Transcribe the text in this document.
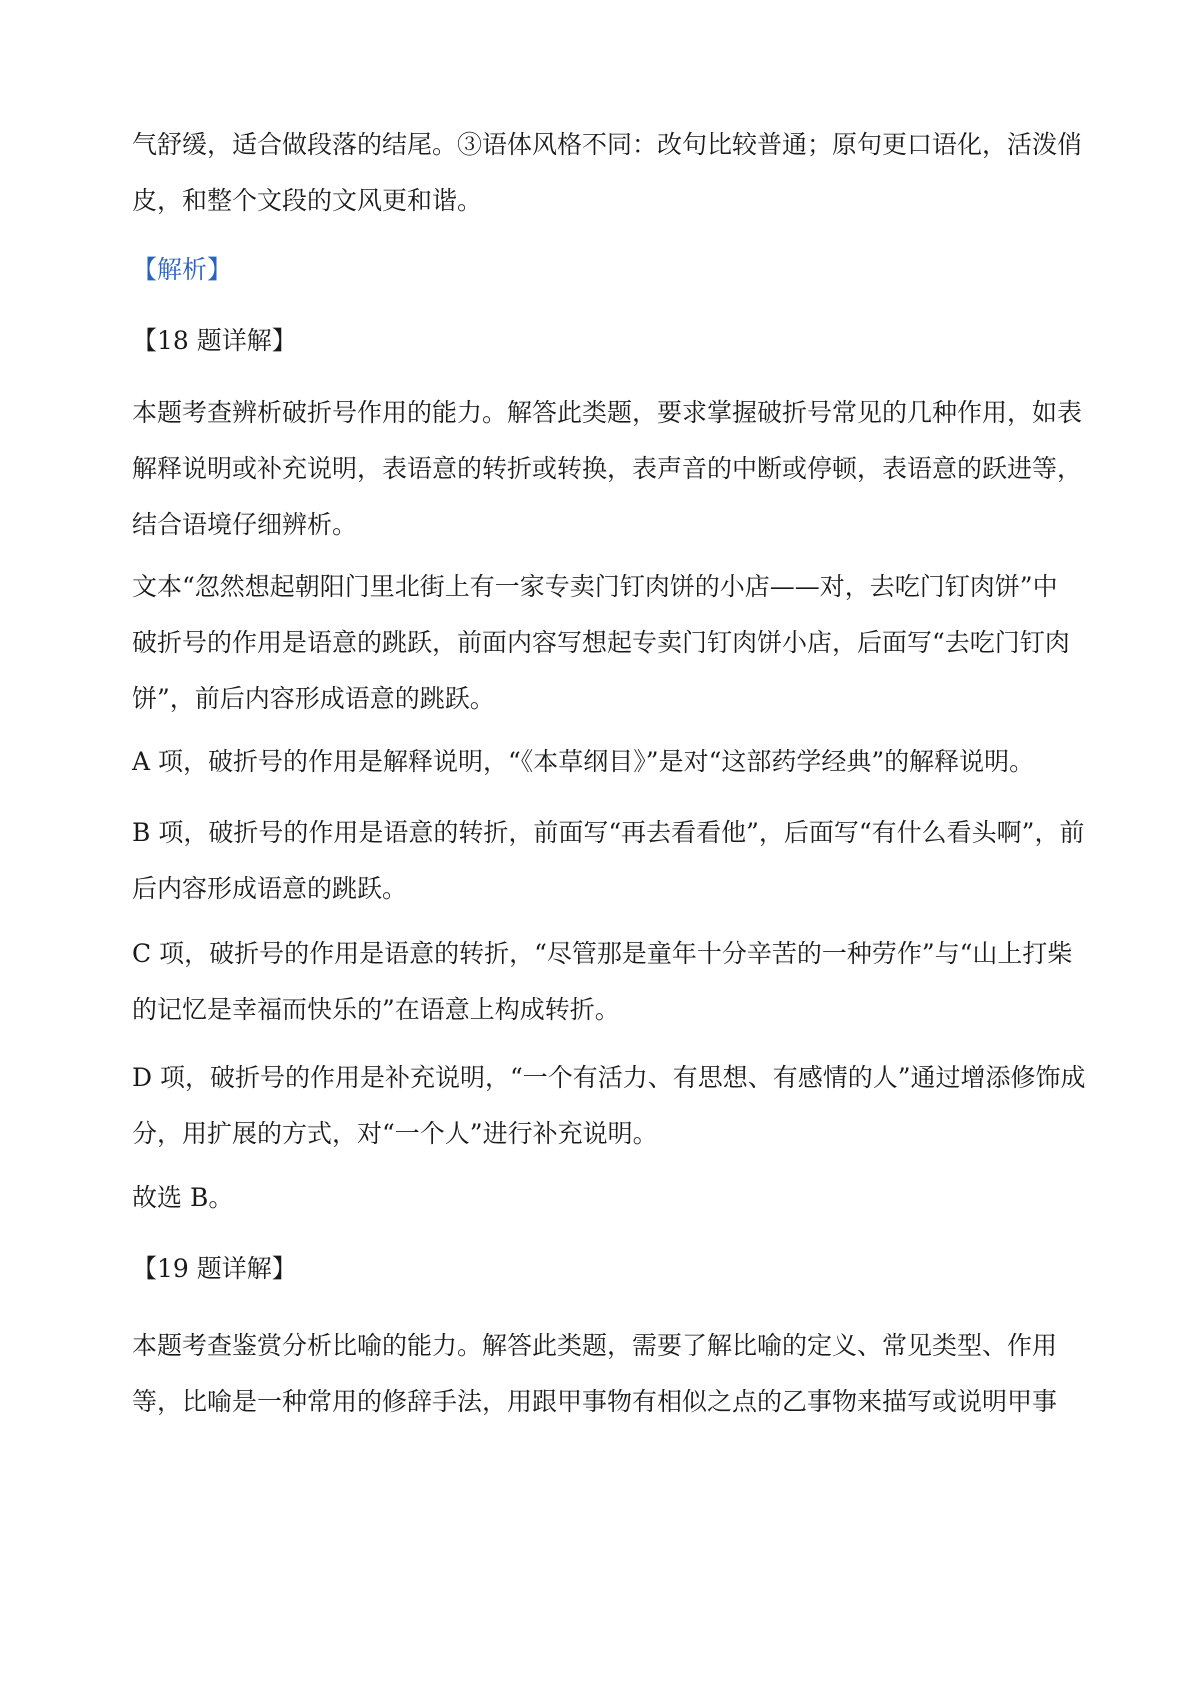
气舒缓，适合做段落的结尾。③语体风格不同：改句比较普通；原句更口语化，活泼俏
皮，和整个文段的文风更和谐。
【解析】
【18 题详解】
本题考查辨析破折号作用的能力。解答此类题，要求掌握破折号常见的几种作用，如表
解释说明或补充说明，表语意的转折或转换，表声音的中断或停顿，表语意的跃进等，
结合语境仔细辨析。
文本“忽然想起朝阳门里北街上有一家专卖门钉肉饼的小店——对，去吃门钉肉饼”中
破折号的作用是语意的跳跃，前面内容写想起专卖门钉肉饼小店，后面写“去吃门钉肉
饼”，前后内容形成语意的跳跃。
A 项，破折号的作用是解释说明，“《本草纲目》”是对“这部药学经典”的解释说明。
B 项，破折号的作用是语意的转折，前面写“再去看看他”，后面写“有什么看头啊”，前
后内容形成语意的跳跃。
C 项，破折号的作用是语意的转折，“尽管那是童年十分辛苦的一种劳作”与“山上打柴
的记忆是幸福而快乐的”在语意上构成转折。
D 项，破折号的作用是补充说明，“一个有活力、有思想、有感情的人”通过增添修饰成
分，用扩展的方式，对“一个人”进行补充说明。
故选 B。
【19 题详解】
本题考查鉴赏分析比喻的能力。解答此类题，需要了解比喻的定义、常见类型、作用
等，比喻是一种常用的修辞手法，用跟甲事物有相似之点的乙事物来描写或说明甲事
